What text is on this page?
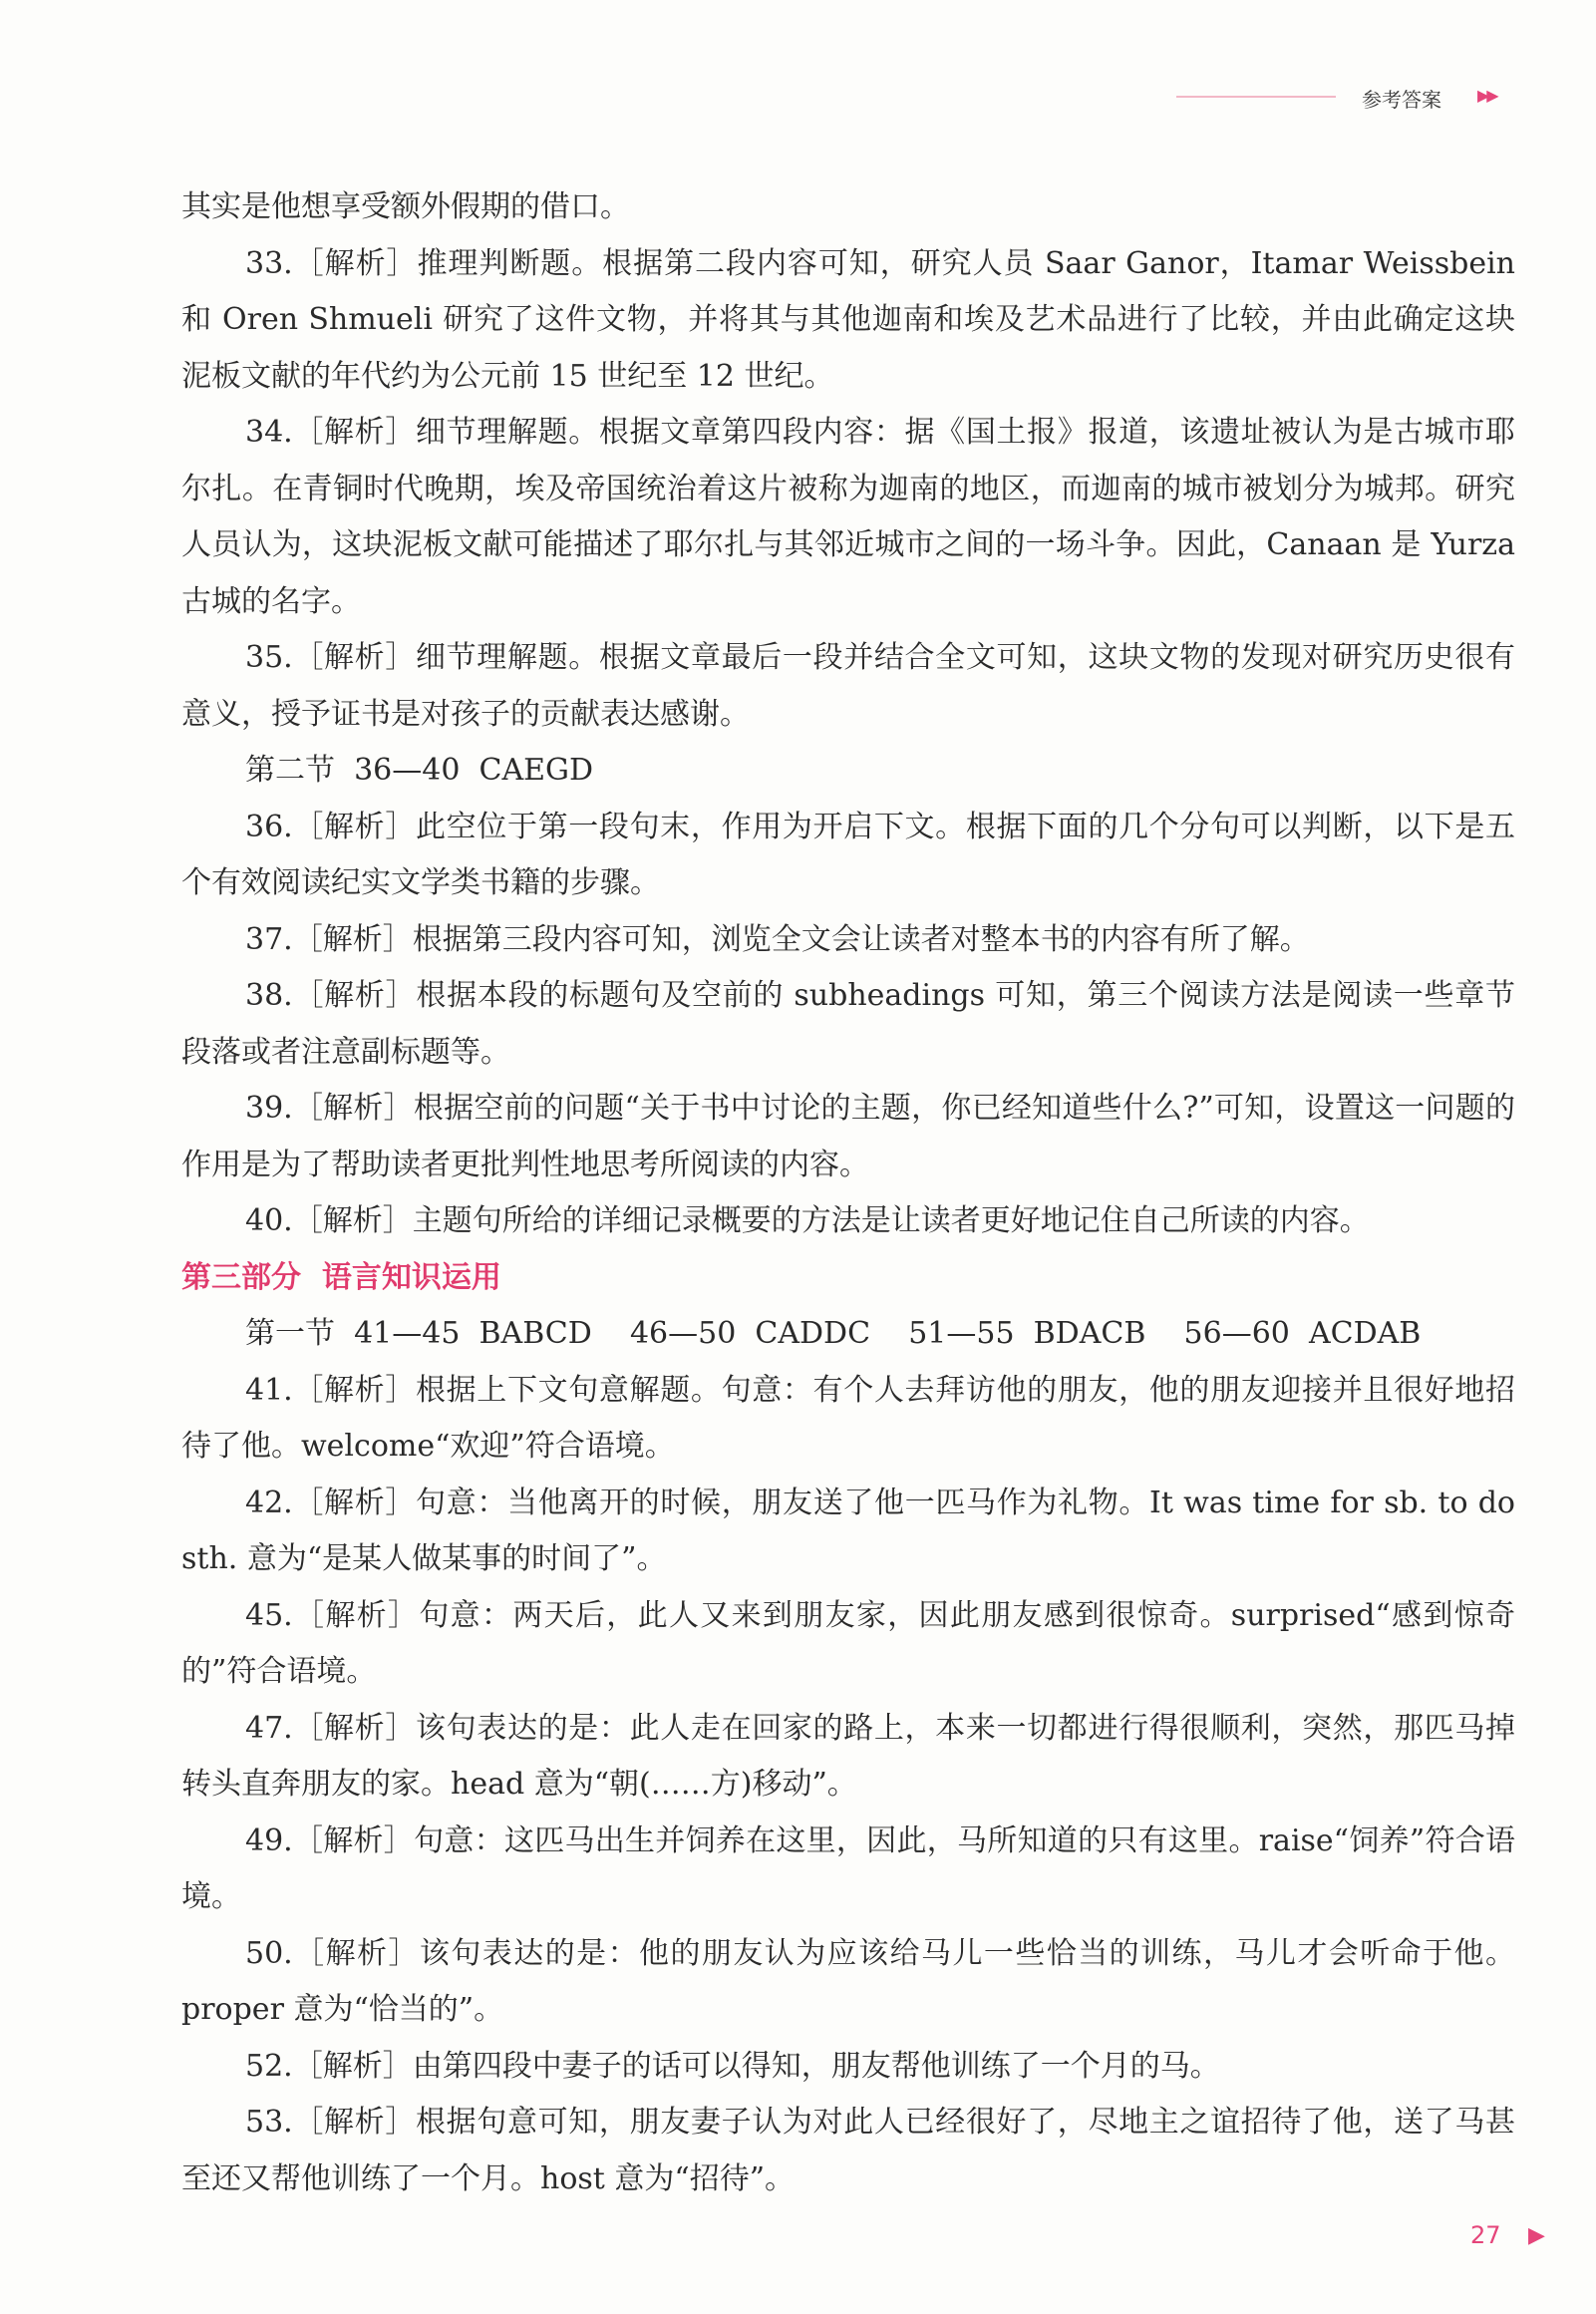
参考答案 ▶▶

其实是他想享受额外假期的借口。

33.［解析］推理判断题。根据第二段内容可知，研究人员 Saar Ganor，Itamar Weissbein 和 Oren Shmueli 研究了这件文物，并将其与其他迦南和埃及艺术品进行了比较，并由此确定这块泥板文献的年代约为公元前 15 世纪至 12 世纪。

34.［解析］细节理解题。根据文章第四段内容：据《国土报》报道，该遗址被认为是古城市耶尔扎。在青铜时代晚期，埃及帝国统治着这片被称为迦南的地区，而迦南的城市被划分为城邦。研究人员认为，这块泥板文献可能描述了耶尔扎与其邻近城市之间的一场斗争。因此，Canaan 是 Yurza 古城的名字。

35.［解析］细节理解题。根据文章最后一段并结合全文可知，这块文物的发现对研究历史很有意义，授予证书是对孩子的贡献表达感谢。

第二节  36—40  CAEGD

36.［解析］此空位于第一段句末，作用为开启下文。根据下面的几个分句可以判断，以下是五个有效阅读纪实文学类书籍的步骤。

37.［解析］根据第三段内容可知，浏览全文会让读者对整本书的内容有所了解。

38.［解析］根据本段的标题句及空前的 subheadings 可知，第三个阅读方法是阅读一些章节段落或者注意副标题等。

39.［解析］根据空前的问题“关于书中讨论的主题，你已经知道些什么?”可知，设置这一问题的作用是为了帮助读者更批判性地思考所阅读的内容。

40.［解析］主题句所给的详细记录概要的方法是让读者更好地记住自己所读的内容。

第三部分  语言知识运用

第一节  41—45  BABCD    46—50  CADDC    51—55  BDACB    56—60  ACDAB

41.［解析］根据上下文句意解题。句意：有个人去拜访他的朋友，他的朋友迎接并且很好地招待了他。welcome“欢迎”符合语境。

42.［解析］句意：当他离开的时候，朋友送了他一匹马作为礼物。It was time for sb. to do sth. 意为“是某人做某事的时间了”。

45.［解析］句意：两天后，此人又来到朋友家，因此朋友感到很惊奇。surprised“感到惊奇的”符合语境。

47.［解析］该句表达的是：此人走在回家的路上，本来一切都进行得很顺利，突然，那匹马掉转头直奔朋友的家。head 意为“朝(……方)移动”。

49.［解析］句意：这匹马出生并饲养在这里，因此，马所知道的只有这里。raise“饲养”符合语境。

50.［解析］该句表达的是：他的朋友认为应该给马儿一些恰当的训练，马儿才会听命于他。proper 意为“恰当的”。

52.［解析］由第四段中妻子的话可以得知，朋友帮他训练了一个月的马。

53.［解析］根据句意可知，朋友妻子认为对此人已经很好了，尽地主之谊招待了他，送了马甚至还又帮他训练了一个月。host 意为“招待”。

27 ▶
